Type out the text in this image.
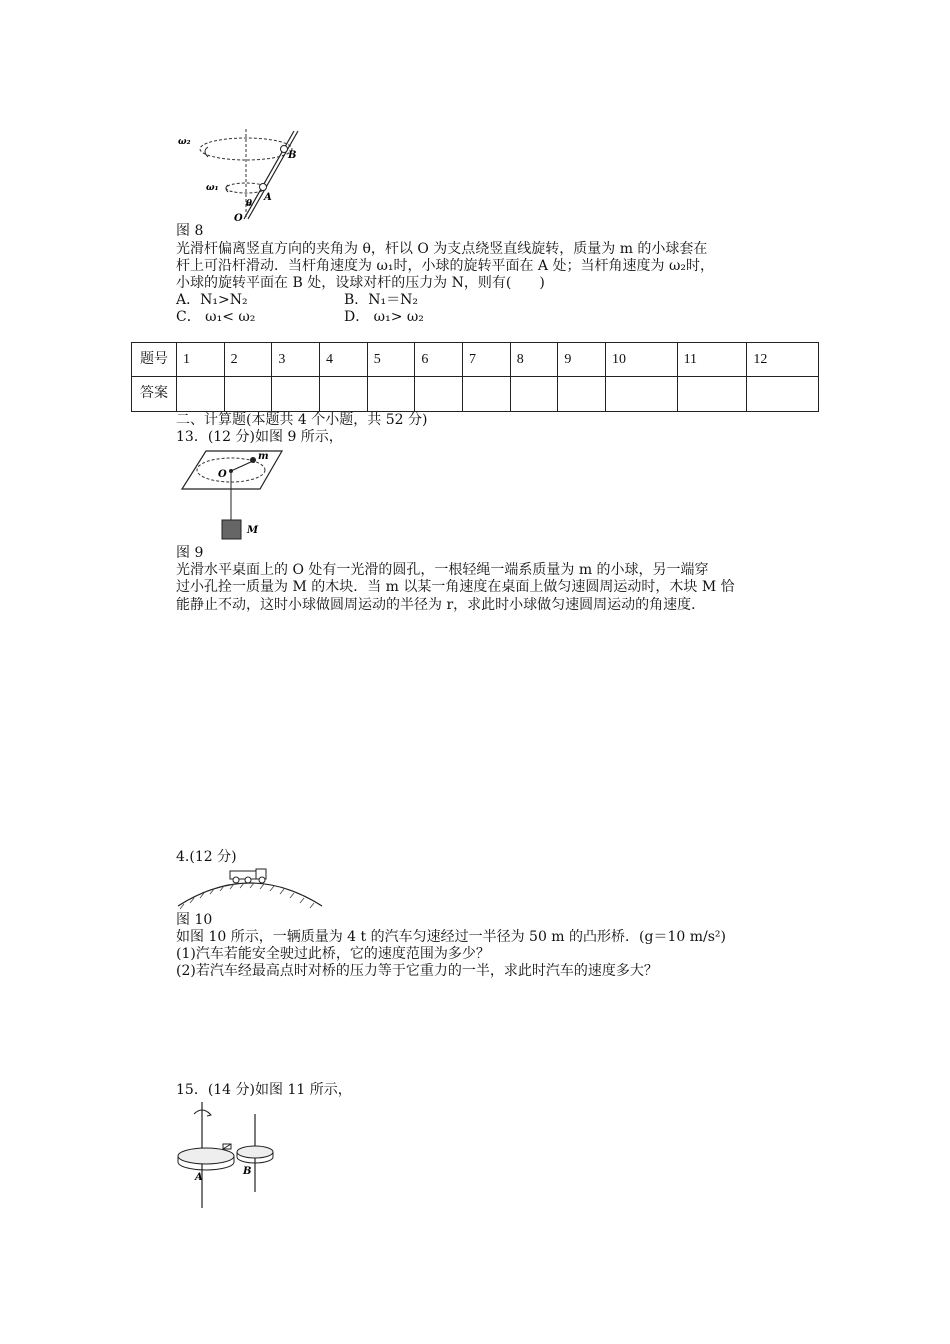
ω₂
B
ω₁
A
θ
O
图 8
光滑杆偏离竖直方向的夹角为 θ，杆以 O 为支点绕竖直线旋转，质量为 m 的小球套在
杆上可沿杆滑动．当杆角速度为 ω₁时，小球的旋转平面在 A 处；当杆角速度为 ω₂时，
小球的旋转平面在 B 处，设球对杆的压力为 N，则有(　　)
A．N₁>N₂	B．N₁＝N₂
C． ω₁< ω₂	D． ω₁> ω₂
题号	1	2	3	4	5	6	7	8	9	10	11	12
答案												
二、计算题(本题共 4 个小题，共 52 分)
13．(12 分)如图 9 所示，
O
m
M
图 9
光滑水平桌面上的 O 处有一光滑的圆孔，一根轻绳一端系质量为 m 的小球，另一端穿
过小孔拴一质量为 M 的木块．当 m 以某一角速度在桌面上做匀速圆周运动时，木块 M 恰
能静止不动，这时小球做圆周运动的半径为 r，求此时小球做匀速圆周运动的角速度．
4.(12 分)
图 10
如图 10 所示，一辆质量为 4 t 的汽车匀速经过一半径为 50 m 的凸形桥．(g＝10 m/s²)
(1)汽车若能安全驶过此桥，它的速度范围为多少？
(2)若汽车经最高点时对桥的压力等于它重力的一半，求此时汽车的速度多大？
15．(14 分)如图 11 所示，
A
B
